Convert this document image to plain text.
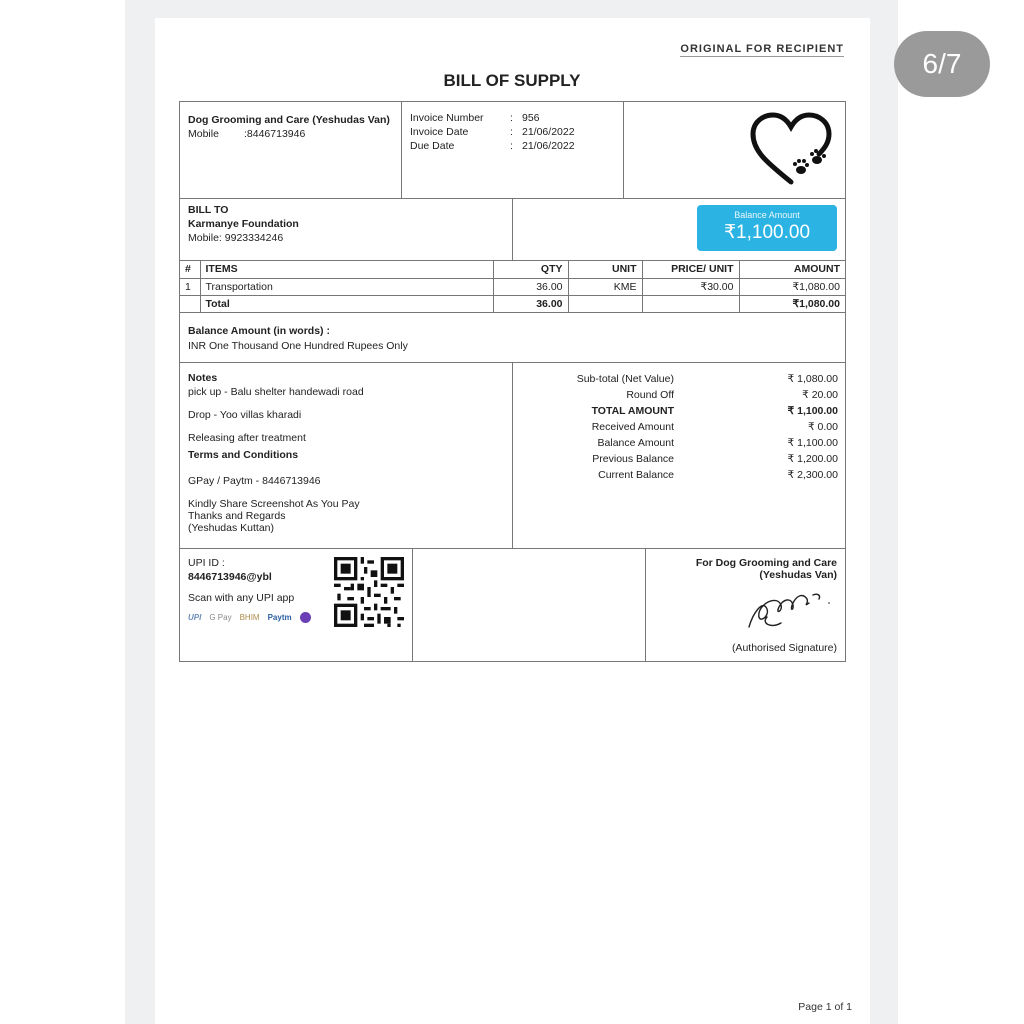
6/7
ORIGINAL FOR RECIPIENT
BILL OF SUPPLY
Dog Grooming and Care (Yeshudas Van)
Mobile	:8446713946
Invoice Number	: 956
Invoice Date	: 21/06/2022
Due Date	: 21/06/2022
BILL TO
Karmanye Foundation
Mobile: 9923334246
Balance Amount
₹1,100.00
#	ITEMS	QTY	UNIT	PRICE/ UNIT	AMOUNT
1	Transportation	36.00	KME	₹30.00	₹1,080.00
	Total	36.00			₹1,080.00
Balance Amount (in words) :
INR One Thousand One Hundred Rupees Only
Notes
pick up - Balu shelter handewadi road
Drop - Yoo villas kharadi
Releasing after treatment
Terms and Conditions
GPay / Paytm - 8446713946
Kindly Share Screenshot As You Pay
Thanks and Regards
(Yeshudas Kuttan)
Sub-total (Net Value)	₹ 1,080.00
Round Off	₹ 20.00
TOTAL AMOUNT	₹ 1,100.00
Received Amount	₹ 0.00
Balance Amount	₹ 1,100.00
Previous Balance	₹ 1,200.00
Current Balance	₹ 2,300.00
UPI ID :
8446713946@ybl
Scan with any UPI app
UPI G Pay BHIM Paytm
For Dog Grooming and Care
(Yeshudas Van)
(Authorised Signature)
Page 1 of 1
